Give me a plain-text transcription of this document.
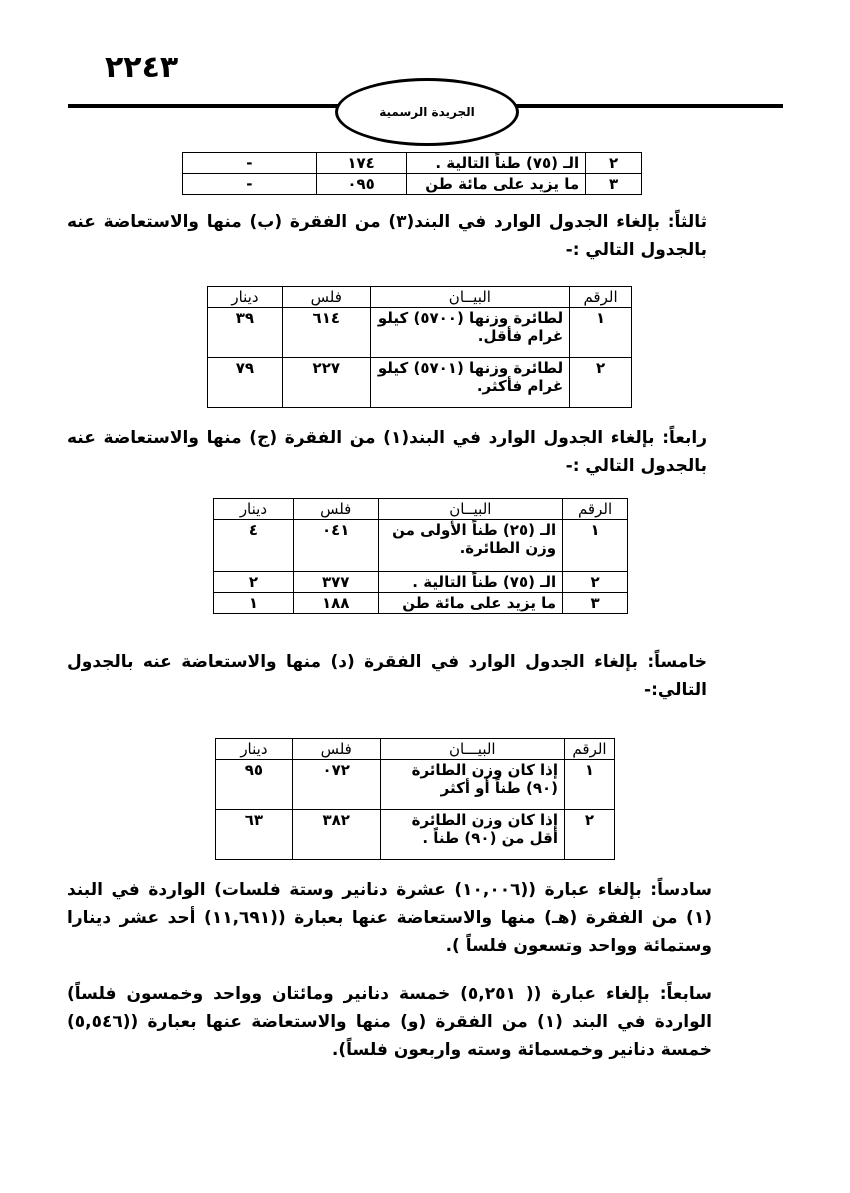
٢٢٤٣
الجريدة الرسمية
٢	الـ (٧٥) طناً التالية .	١٧٤	-
٣	ما يزيد على مائة طن	٠٩٥	-
ثالثاً: بإلغاء الجدول الوارد في البند(٣) من الفقرة (ب) منها والاستعاضة عنه بالجدول التالي :-
الرقم	البيــان	فلس	دينار
١	لطائرة وزنها (٥٧٠٠) كيلو غرام فأقل.	٦١٤	٣٩
٢	لطائرة وزنها (٥٧٠١) كيلو غرام فأكثر.	٢٢٧	٧٩
رابعاً: بإلغاء الجدول الوارد في البند(١) من الفقرة (ج) منها والاستعاضة عنه بالجدول التالي :-
الرقم	البيــان	فلس	دينار
١	الـ (٢٥) طناً الأولى من وزن الطائرة.	٠٤١	٤
٢	الـ (٧٥) طناً التالية .	٣٧٧	٢
٣	ما يزيد على مائة طن	١٨٨	١
خامساً: بإلغاء الجدول الوارد في الفقرة (د) منها والاستعاضة عنه بالجدول التالي:-
الرقم	البيـــان	فلس	دينار
١	إذا كان وزن الطائرة (٩٠) طناً أو أكثر	٠٧٢	٩٥
٢	إذا كان وزن الطائرة أقل من (٩٠) طناً .	٣٨٢	٦٣
سادساً: بإلغاء عبارة ((١٠,٠٠٦) عشرة دنانير وستة فلسات) الواردة في البند (١) من الفقرة (هـ) منها والاستعاضة عنها بعبارة ((١١,٦٩١) أحد عشر دينارا وستمائة وواحد وتسعون فلساً ).
سابعاً: بإلغاء عبارة (( ٥,٢٥١) خمسة دنانير ومائتان وواحد وخمسون فلساً) الواردة في البند (١) من الفقرة (و) منها والاستعاضة عنها بعبارة ((٥,٥٤٦) خمسة دنانير وخمسمائة وسته واربعون فلساً).
